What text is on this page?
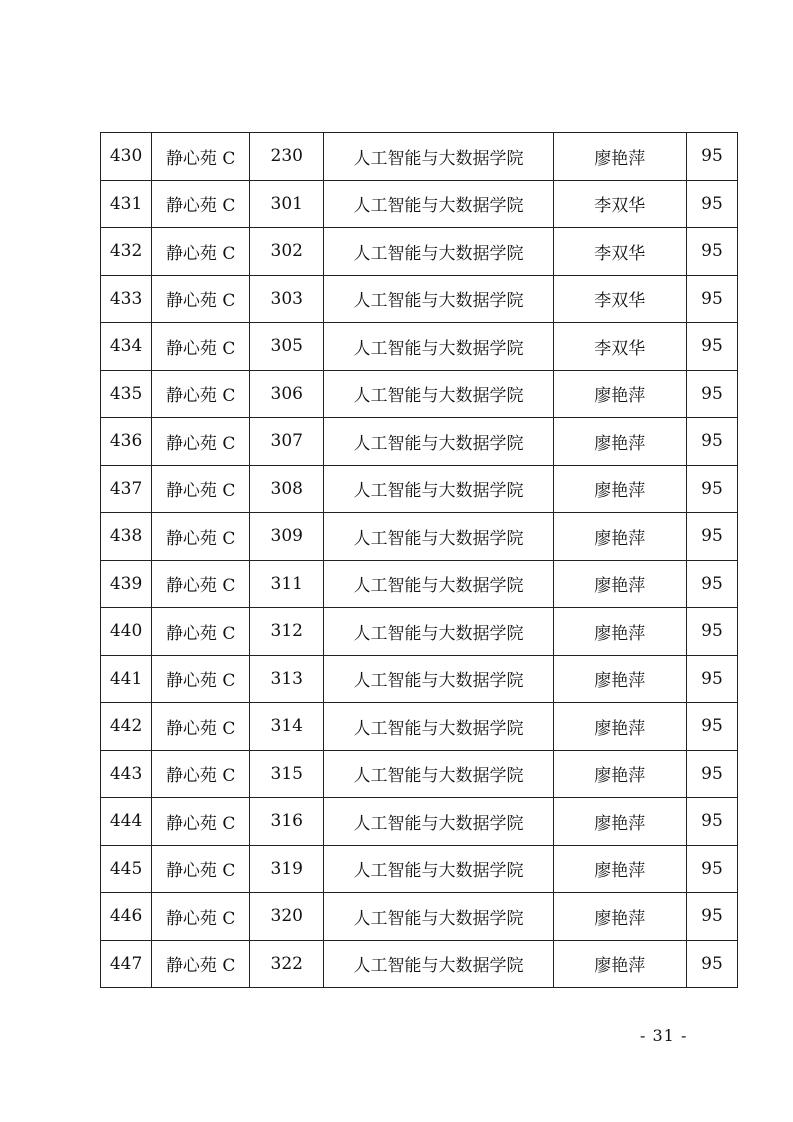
430	静心苑 C	230	人工智能与大数据学院	廖艳萍	95
431	静心苑 C	301	人工智能与大数据学院	李双华	95
432	静心苑 C	302	人工智能与大数据学院	李双华	95
433	静心苑 C	303	人工智能与大数据学院	李双华	95
434	静心苑 C	305	人工智能与大数据学院	李双华	95
435	静心苑 C	306	人工智能与大数据学院	廖艳萍	95
436	静心苑 C	307	人工智能与大数据学院	廖艳萍	95
437	静心苑 C	308	人工智能与大数据学院	廖艳萍	95
438	静心苑 C	309	人工智能与大数据学院	廖艳萍	95
439	静心苑 C	311	人工智能与大数据学院	廖艳萍	95
440	静心苑 C	312	人工智能与大数据学院	廖艳萍	95
441	静心苑 C	313	人工智能与大数据学院	廖艳萍	95
442	静心苑 C	314	人工智能与大数据学院	廖艳萍	95
443	静心苑 C	315	人工智能与大数据学院	廖艳萍	95
444	静心苑 C	316	人工智能与大数据学院	廖艳萍	95
445	静心苑 C	319	人工智能与大数据学院	廖艳萍	95
446	静心苑 C	320	人工智能与大数据学院	廖艳萍	95
447	静心苑 C	322	人工智能与大数据学院	廖艳萍	95
- 31 -
